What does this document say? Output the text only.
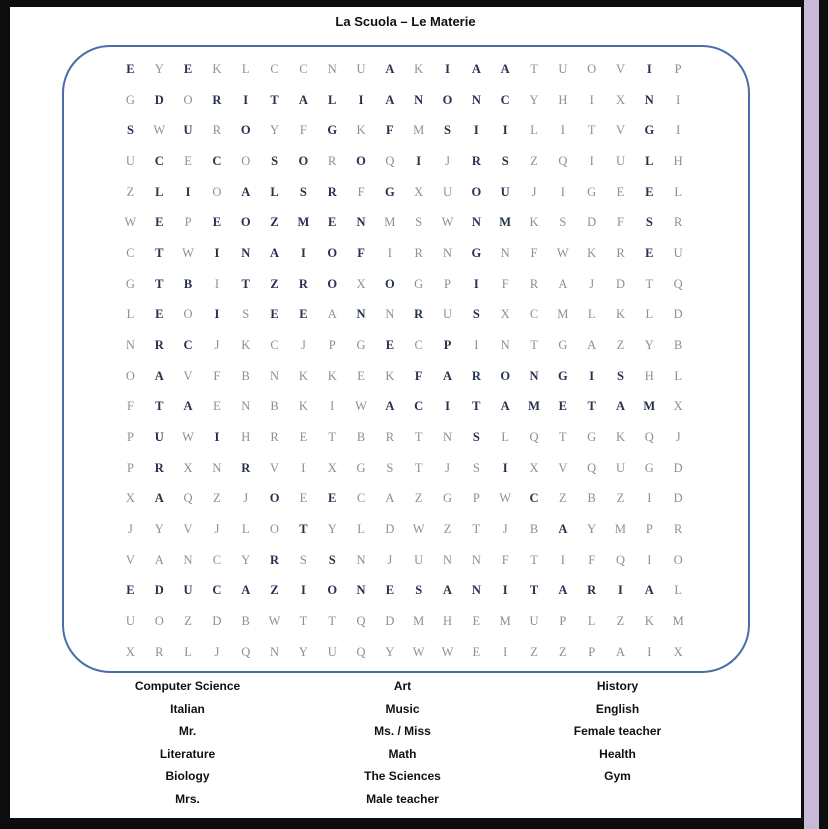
La Scuola – Le Materie
E	Y	E	K	L	C	C	N	U	A	K	I	A	A	T	U	O	V	I	P
G	D	O	R	I	T	A	L	I	A	N	O	N	C	Y	H	I	X	N	I
S	W	U	R	O	Y	F	G	K	F	M	S	I	I	L	I	T	V	G	I
U	C	E	C	O	S	O	R	O	Q	I	J	R	S	Z	Q	I	U	L	H
Z	L	I	O	A	L	S	R	F	G	X	U	O	U	J	I	G	E	E	L
W	E	P	E	O	Z	M	E	N	M	S	W	N	M	K	S	D	F	S	R
C	T	W	I	N	A	I	O	F	I	R	N	G	N	F	W	K	R	E	U
G	T	B	I	T	Z	R	O	X	O	G	P	I	F	R	A	J	D	T	Q
L	E	O	I	S	E	E	A	N	N	R	U	S	X	C	M	L	K	L	D
N	R	C	J	K	C	J	P	G	E	C	P	I	N	T	G	A	Z	Y	B
O	A	V	F	B	N	K	K	E	K	F	A	R	O	N	G	I	S	H	L
F	T	A	E	N	B	K	I	W	A	C	I	T	A	M	E	T	A	M	X
P	U	W	I	H	R	E	T	B	R	T	N	S	L	Q	T	G	K	Q	J
P	R	X	N	R	V	I	X	G	S	T	J	S	I	X	V	Q	U	G	D
X	A	Q	Z	J	O	E	E	C	A	Z	G	P	W	C	Z	B	Z	I	D
J	Y	V	J	L	O	T	Y	L	D	W	Z	T	J	B	A	Y	M	P	R
V	A	N	C	Y	R	S	S	N	J	U	N	N	F	T	I	F	Q	I	O
E	D	U	C	A	Z	I	O	N	E	S	A	N	I	T	A	R	I	A	L
U	O	Z	D	B	W	T	T	Q	D	M	H	E	M	U	P	L	Z	K	M
X	R	L	J	Q	N	Y	U	Q	Y	W	W	E	I	Z	Z	P	A	I	X
Computer Science
Italian
Mr.
Literature
Biology
Mrs.
Art
Music
Ms. / Miss
Math
The Sciences
Male teacher
History
English
Female teacher
Health
Gym
